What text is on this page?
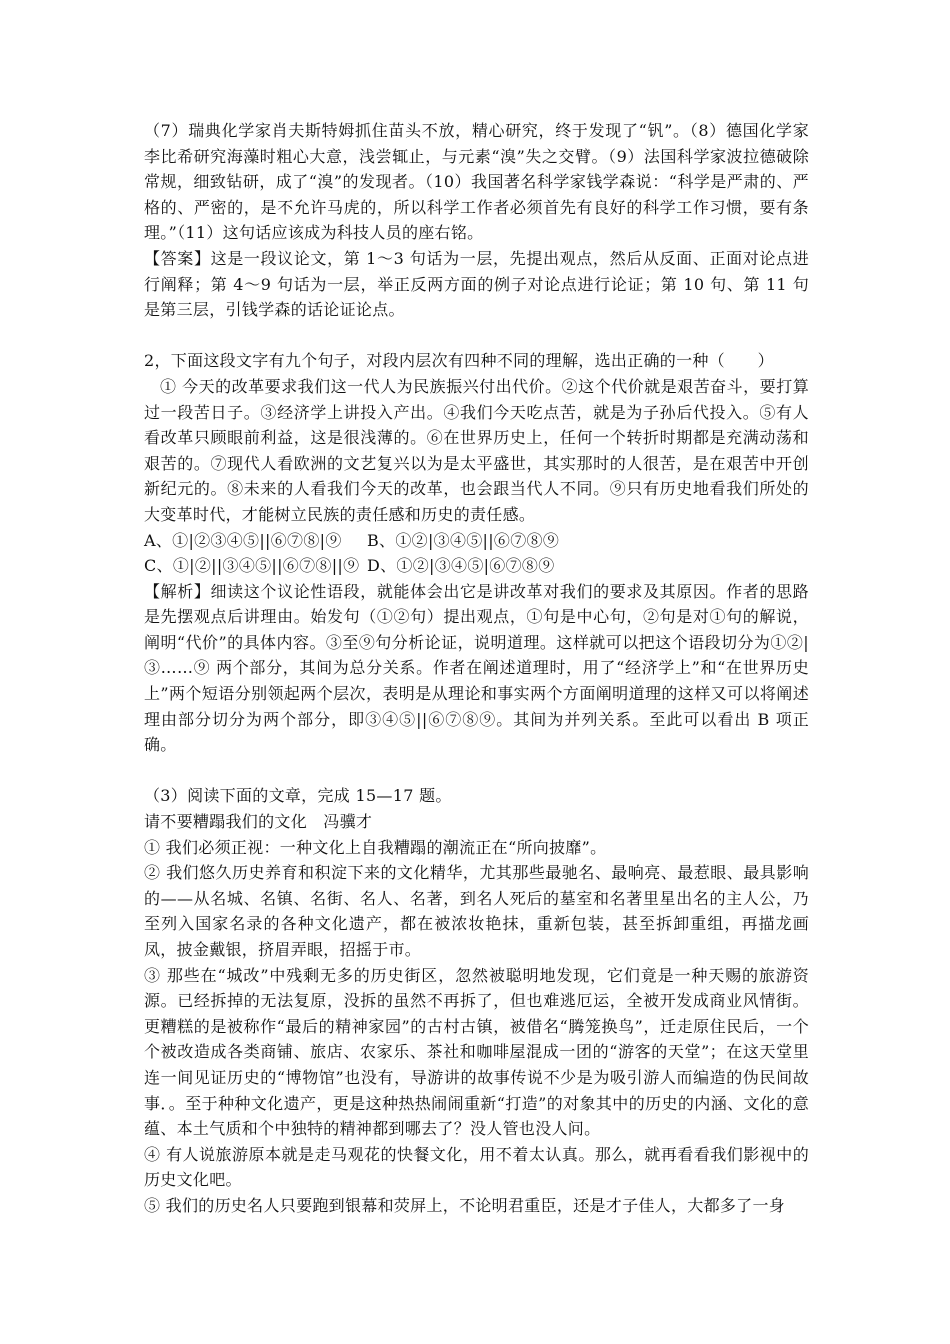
（7）瑞典化学家肖夫斯特姆抓住苗头不放，精心研究，终于发现了“钒”。（8）德国化学家李比希研究海藻时粗心大意，浅尝辄止，与元素“溴”失之交臂。（9）法国科学家波拉德破除常规，细致钻研，成了“溴”的发现者。（10）我国著名科学家钱学森说：“科学是严肃的、严格的、严密的，是不允许马虎的，所以科学工作者必须首先有良好的科学工作习惯，要有条理。”（11）这句话应该成为科技人员的座右铭。

【答案】这是一段议论文，第 1～3 句话为一层，先提出观点，然后从反面、正面对论点进行阐释；第 4～9 句话为一层，举正反两方面的例子对论点进行论证；第 10 句、第 11 句是第三层，引钱学森的话论证论点。

2，下面这段文字有九个句子，对段内层次有四种不同的理解，选出正确的一种（　　）

① 今天的改革要求我们这一代人为民族振兴付出代价。②这个代价就是艰苦奋斗，要打算过一段苦日子。③经济学上讲投入产出。④我们今天吃点苦，就是为子孙后代投入。⑤有人看改革只顾眼前利益，这是很浅薄的。⑥在世界历史上，任何一个转折时期都是充满动荡和艰苦的。⑦现代人看欧洲的文艺复兴以为是太平盛世，其实那时的人很苦，是在艰苦中开创新纪元的。⑧未来的人看我们今天的改革，也会跟当代人不同。⑨只有历史地看我们所处的大变革时代，才能树立民族的责任感和历史的责任感。

A、①|②③④⑤||⑥⑦⑧|⑨	B、①②|③④⑤||⑥⑦⑧⑨
C、①|②||③④⑤||⑥⑦⑧||⑨ D、①②|③④⑤|⑥⑦⑧⑨

【解析】细读这个议论性语段，就能体会出它是讲改革对我们的要求及其原因。作者的思路是先摆观点后讲理由。始发句（①②句）提出观点，①句是中心句，②句是对①句的解说，阐明“代价”的具体内容。③至⑨句分析论证，说明道理。这样就可以把这个语段切分为①②|③……⑨ 两个部分，其间为总分关系。作者在阐述道理时，用了“经济学上”和“在世界历史上”两个短语分别领起两个层次，表明是从理论和事实两个方面阐明道理的这样又可以将阐述理由部分切分为两个部分，即③④⑤||⑥⑦⑧⑨。其间为并列关系。至此可以看出 B 项正确。

（3）阅读下面的文章，完成 15—17 题。

请不要糟蹋我们的文化　冯骥才

① 我们必须正视：一种文化上自我糟蹋的潮流正在“所向披靡”。

② 我们悠久历史养育和积淀下来的文化精华，尤其那些最驰名、最响亮、最惹眼、最具影响的——从名城、名镇、名街、名人、名著，到名人死后的墓室和名著里星出名的主人公，乃至列入国家名录的各种文化遗产，都在被浓妆艳抹，重新包装，甚至拆卸重组，再描龙画凤，披金戴银，挤眉弄眼，招摇于市。

③ 那些在“城改”中残剩无多的历史街区，忽然被聪明地发现，它们竟是一种天赐的旅游资源。已经拆掉的无法复原，没拆的虽然不再拆了，但也难逃厄运，全被开发成商业风情街。更糟糕的是被称作“最后的精神家园”的古村古镇，被借名“腾笼换鸟”，迁走原住民后，一个个被改造成各类商铺、旅店、农家乐、茶社和咖啡屋混成一团的“游客的天堂”；在这天堂里连一间见证历史的“博物馆”也没有，导游讲的故事传说不少是为吸引游人而编造的伪民间故事．。至于种种文化遗产，更是这种热热闹闹重新“打造”的对象其中的历史的内涵、文化的意蕴、本土气质和个中独特的精神都到哪去了？没人管也没人问。

④ 有人说旅游原本就是走马观花的快餐文化，用不着太认真。那么，就再看看我们影视中的历史文化吧。

⑤ 我们的历史名人只要跑到银幕和荧屏上，不论明君重臣，还是才子佳人，大都多了一身
